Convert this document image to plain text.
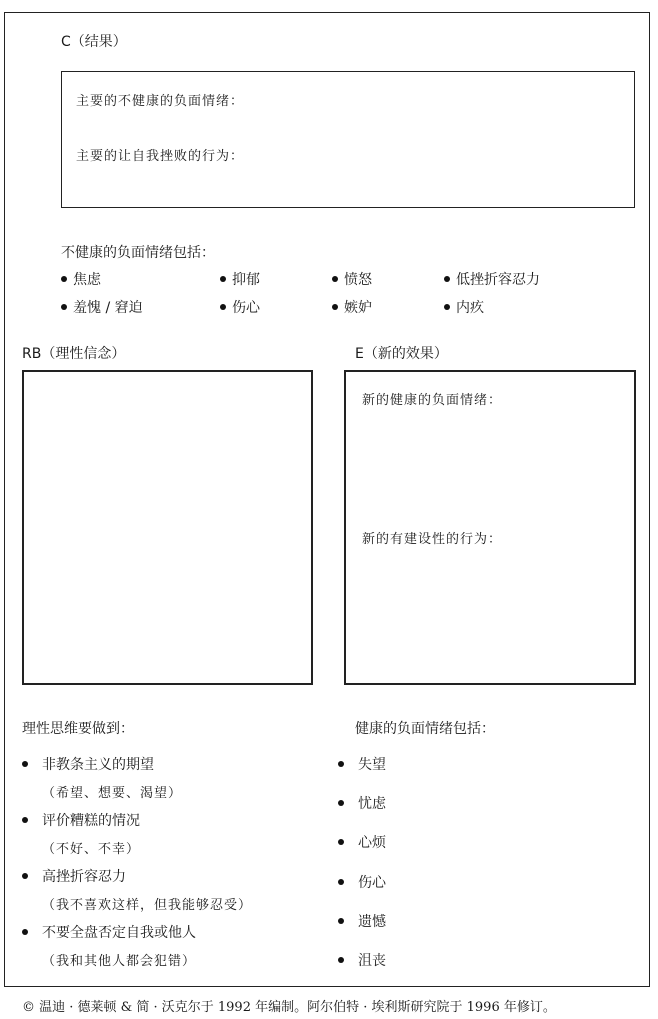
C（结果）
主要的不健康的负面情绪：
主要的让自我挫败的行为：
不健康的负面情绪包括：
焦虑	抑郁	愤怒	低挫折容忍力
羞愧 / 窘迫	伤心	嫉妒	内疚
RB（理性信念）	E（新的效果）
新的健康的负面情绪：
新的有建设性的行为：
理性思维要做到：
非教条主义的期望
（希望、想要、渴望）
评价糟糕的情况
（不好、不幸）
高挫折容忍力
（我不喜欢这样，但我能够忍受）
不要全盘否定自我或他人
（我和其他人都会犯错）
健康的负面情绪包括：
失望
忧虑
心烦
伤心
遗憾
沮丧
© 温迪 · 德莱顿 & 简 · 沃克尔于 1992 年编制。阿尔伯特 · 埃利斯研究院于 1996 年修订。
